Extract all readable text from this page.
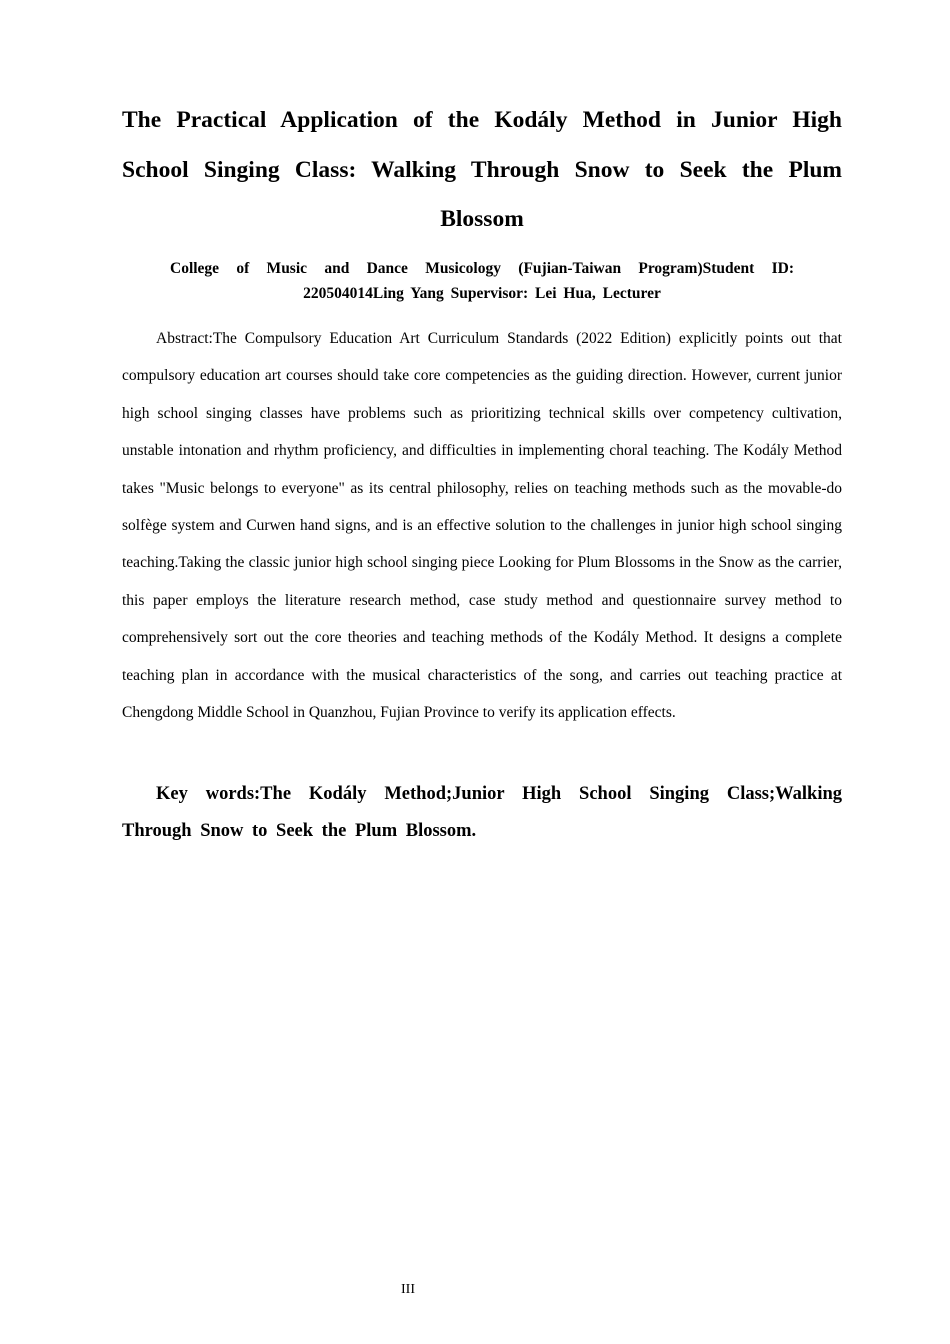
The Practical Application of the Kodály Method in Junior High School Singing Class: Walking Through Snow to Seek the Plum Blossom

College of Music and Dance Musicology (Fujian-Taiwan Program)Student ID: 220504014Ling Yang Supervisor: Lei Hua, Lecturer

Abstract:The Compulsory Education Art Curriculum Standards (2022 Edition) explicitly points out that compulsory education art courses should take core competencies as the guiding direction. However, current junior high school singing classes have problems such as prioritizing technical skills over competency cultivation, unstable intonation and rhythm proficiency, and difficulties in implementing choral teaching. The Kodály Method takes "Music belongs to everyone" as its central philosophy, relies on teaching methods such as the movable-do solfège system and Curwen hand signs, and is an effective solution to the challenges in junior high school singing teaching.Taking the classic junior high school singing piece Looking for Plum Blossoms in the Snow as the carrier, this paper employs the literature research method, case study method and questionnaire survey method to comprehensively sort out the core theories and teaching methods of the Kodály Method. It designs a complete teaching plan in accordance with the musical characteristics of the song, and carries out teaching practice at Chengdong Middle School in Quanzhou, Fujian Province to verify its application effects.

Key words:The Kodály Method;Junior High School Singing Class;Walking Through Snow to Seek the Plum Blossom.

III
